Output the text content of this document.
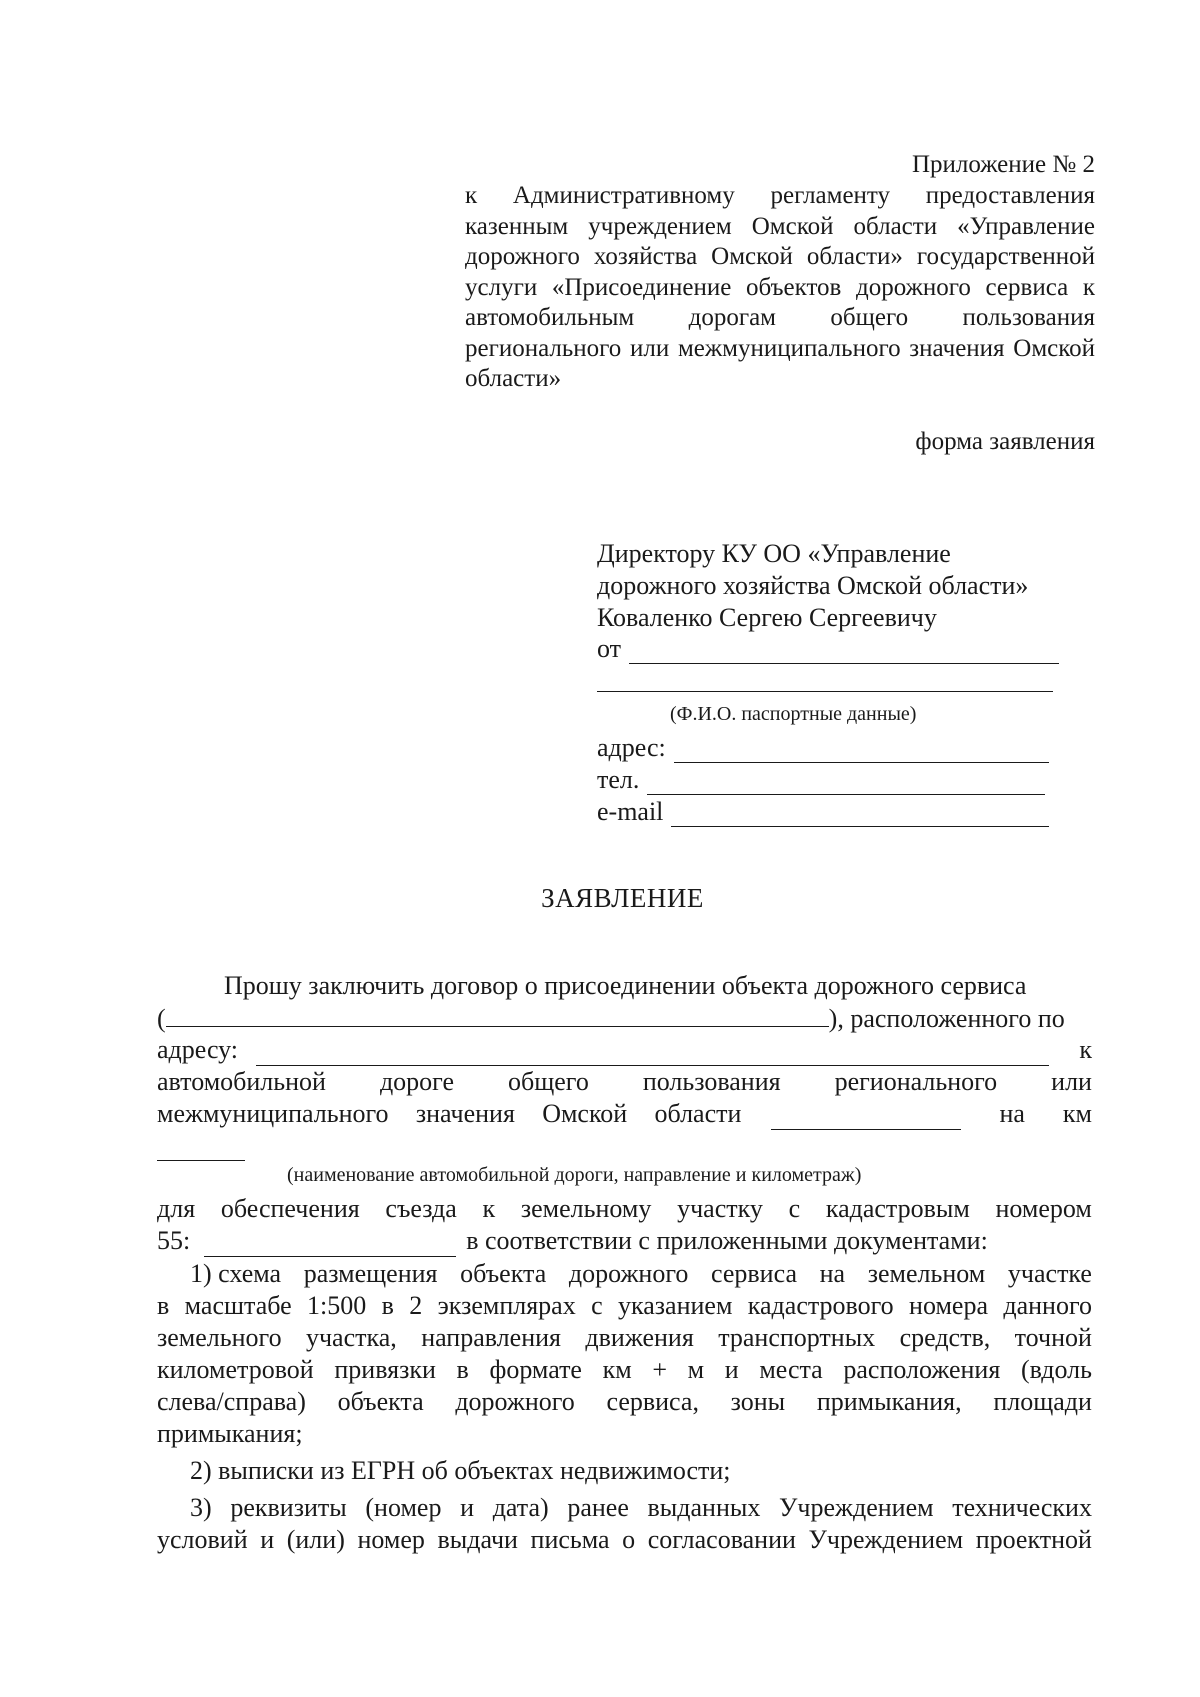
Приложение № 2
к Административному регламенту предоставления казенным учреждением Омской области «Управление дорожного хозяйства Омской области» государственной услуги «Присоединение объектов дорожного сервиса к автомобильным дорогам общего пользования регионального или межмуниципального значения Омской области»
форма заявления
Директору КУ ОО «Управление
дорожного хозяйства Омской области»
Коваленко Сергею Сергеевичу
от
(Ф.И.О. паспортные данные)
адрес:
тел.
e-mail
ЗАЯВЛЕНИЕ
Прошу заключить договор о присоединении объекта дорожного сервиса
(	), расположенного по
адресу:	к
автомобильной дороге общего пользования регионального или
межмуниципального значения Омской области	на км
(наименование автомобильной дороги, направление и километраж)
для обеспечения съезда к земельному участку с кадастровым номером
55:	в соответствии с приложенными документами:
1) схема размещения объекта дорожного сервиса на земельном участке
в масштабе 1:500 в 2 экземплярах с указанием кадастрового номера данного
земельного участка, направления движения транспортных средств, точной
километровой привязки в формате км + м и места расположения (вдоль
слева/справа) объекта дорожного сервиса, зоны примыкания, площади
примыкания;
2) выписки из ЕГРН об объектах недвижимости;
3) реквизиты (номер и дата) ранее выданных Учреждением технических
условий и (или) номер выдачи письма о согласовании Учреждением проектной
